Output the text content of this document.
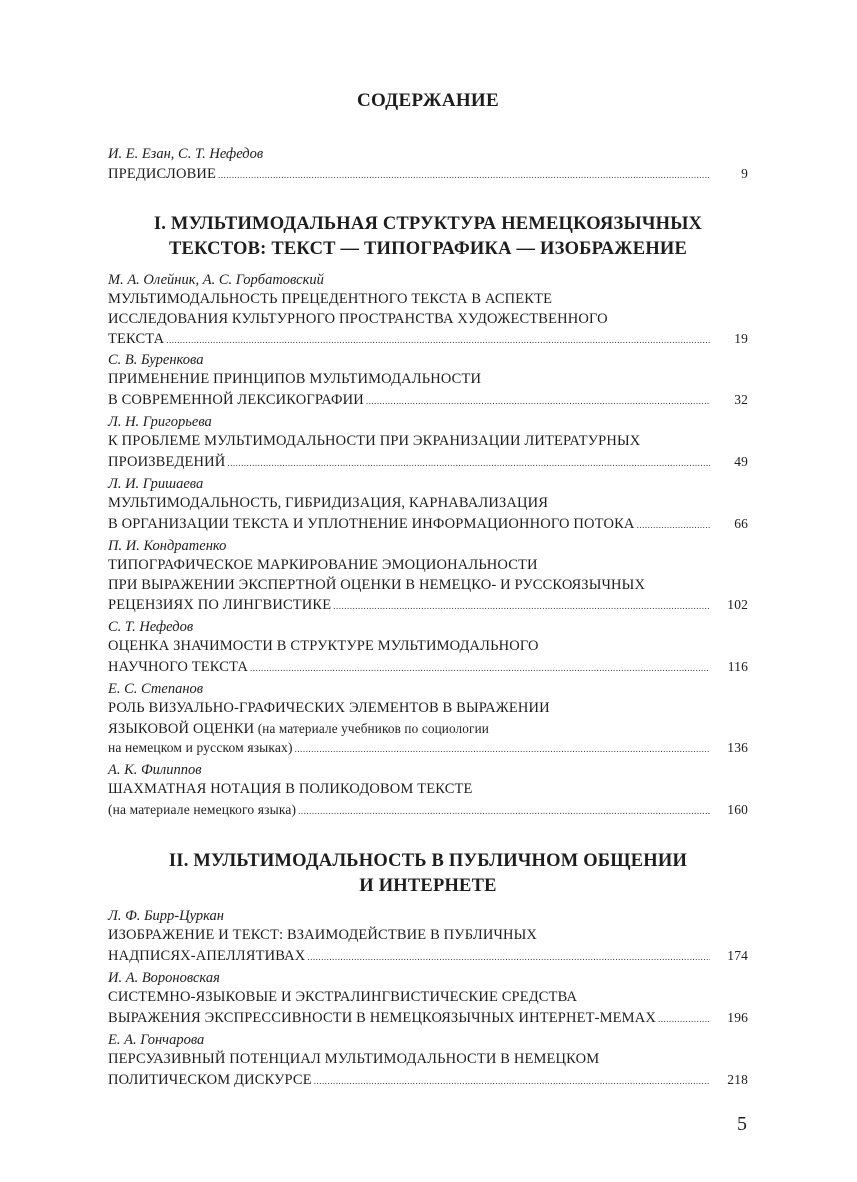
СОДЕРЖАНИЕ
И. Е. Езан, С. Т. Нефедов
ПРЕДИСЛОВИЕ .....	9
I. МУЛЬТИМОДАЛЬНАЯ СТРУКТУРА НЕМЕЦКОЯЗЫЧНЫХ
ТЕКСТОВ: ТЕКСТ — ТИПОГРАФИКА — ИЗОБРАЖЕНИЕ
М. А. Олейник, А. С. Горбатовский
МУЛЬТИМОДАЛЬНОСТЬ ПРЕЦЕДЕНТНОГО ТЕКСТА В АСПЕКТЕ
ИССЛЕДОВАНИЯ КУЛЬТУРНОГО ПРОСТРАНСТВА ХУДОЖЕСТВЕННОГО
ТЕКСТА .....	19
С. В. Буренкова
ПРИМЕНЕНИЕ ПРИНЦИПОВ МУЛЬТИМОДАЛЬНОСТИ
В СОВРЕМЕННОЙ ЛЕКСИКОГРАФИИ .....	32
Л. Н. Григорьева
К ПРОБЛЕМЕ МУЛЬТИМОДАЛЬНОСТИ ПРИ ЭКРАНИЗАЦИИ ЛИТЕРАТУРНЫХ
ПРОИЗВЕДЕНИЙ .....	49
Л. И. Гришаева
МУЛЬТИМОДАЛЬНОСТЬ, ГИБРИДИЗАЦИЯ, КАРНАВАЛИЗАЦИЯ
В ОРГАНИЗАЦИИ ТЕКСТА И УПЛОТНЕНИЕ ИНФОРМАЦИОННОГО ПОТОКА .....	66
П. И. Кондратенко
ТИПОГРАФИЧЕСКОЕ МАРКИРОВАНИЕ ЭМОЦИОНАЛЬНОСТИ
ПРИ ВЫРАЖЕНИИ ЭКСПЕРТНОЙ ОЦЕНКИ В НЕМЕЦКО- И РУССКОЯЗЫЧНЫХ
РЕЦЕНЗИЯХ ПО ЛИНГВИСТИКЕ .....	102
С. Т. Нефедов
ОЦЕНКА ЗНАЧИМОСТИ В СТРУКТУРЕ МУЛЬТИМОДАЛЬНОГО
НАУЧНОГО ТЕКСТА .....	116
Е. С. Степанов
РОЛЬ ВИЗУАЛЬНО-ГРАФИЧЕСКИХ ЭЛЕМЕНТОВ В ВЫРАЖЕНИИ
ЯЗЫКОВОЙ ОЦЕНКИ (на материале учебников по социологии
на немецком и русском языках) .....	136
А. К. Филиппов
ШАХМАТНАЯ НОТАЦИЯ В ПОЛИКОДОВОМ ТЕКСТЕ
(на материале немецкого языка) .....	160
II. МУЛЬТИМОДАЛЬНОСТЬ В ПУБЛИЧНОМ ОБЩЕНИИ
И ИНТЕРНЕТЕ
Л. Ф. Бирр-Цуркан
ИЗОБРАЖЕНИЕ И ТЕКСТ: ВЗАИМОДЕЙСТВИЕ В ПУБЛИЧНЫХ
НАДПИСЯХ-АПЕЛЛЯТИВАХ .....	174
И. А. Вороновская
СИСТЕМНО-ЯЗЫКОВЫЕ И ЭКСТРАЛИНГВИСТИЧЕСКИЕ СРЕДСТВА
ВЫРАЖЕНИЯ ЭКСПРЕССИВНОСТИ В НЕМЕЦКОЯЗЫЧНЫХ ИНТЕРНЕТ-МЕМАХ .....	196
Е. А. Гончарова
ПЕРСУАЗИВНЫЙ ПОТЕНЦИАЛ МУЛЬТИМОДАЛЬНОСТИ В НЕМЕЦКОМ
ПОЛИТИЧЕСКОМ ДИСКУРСЕ .....	218
5
